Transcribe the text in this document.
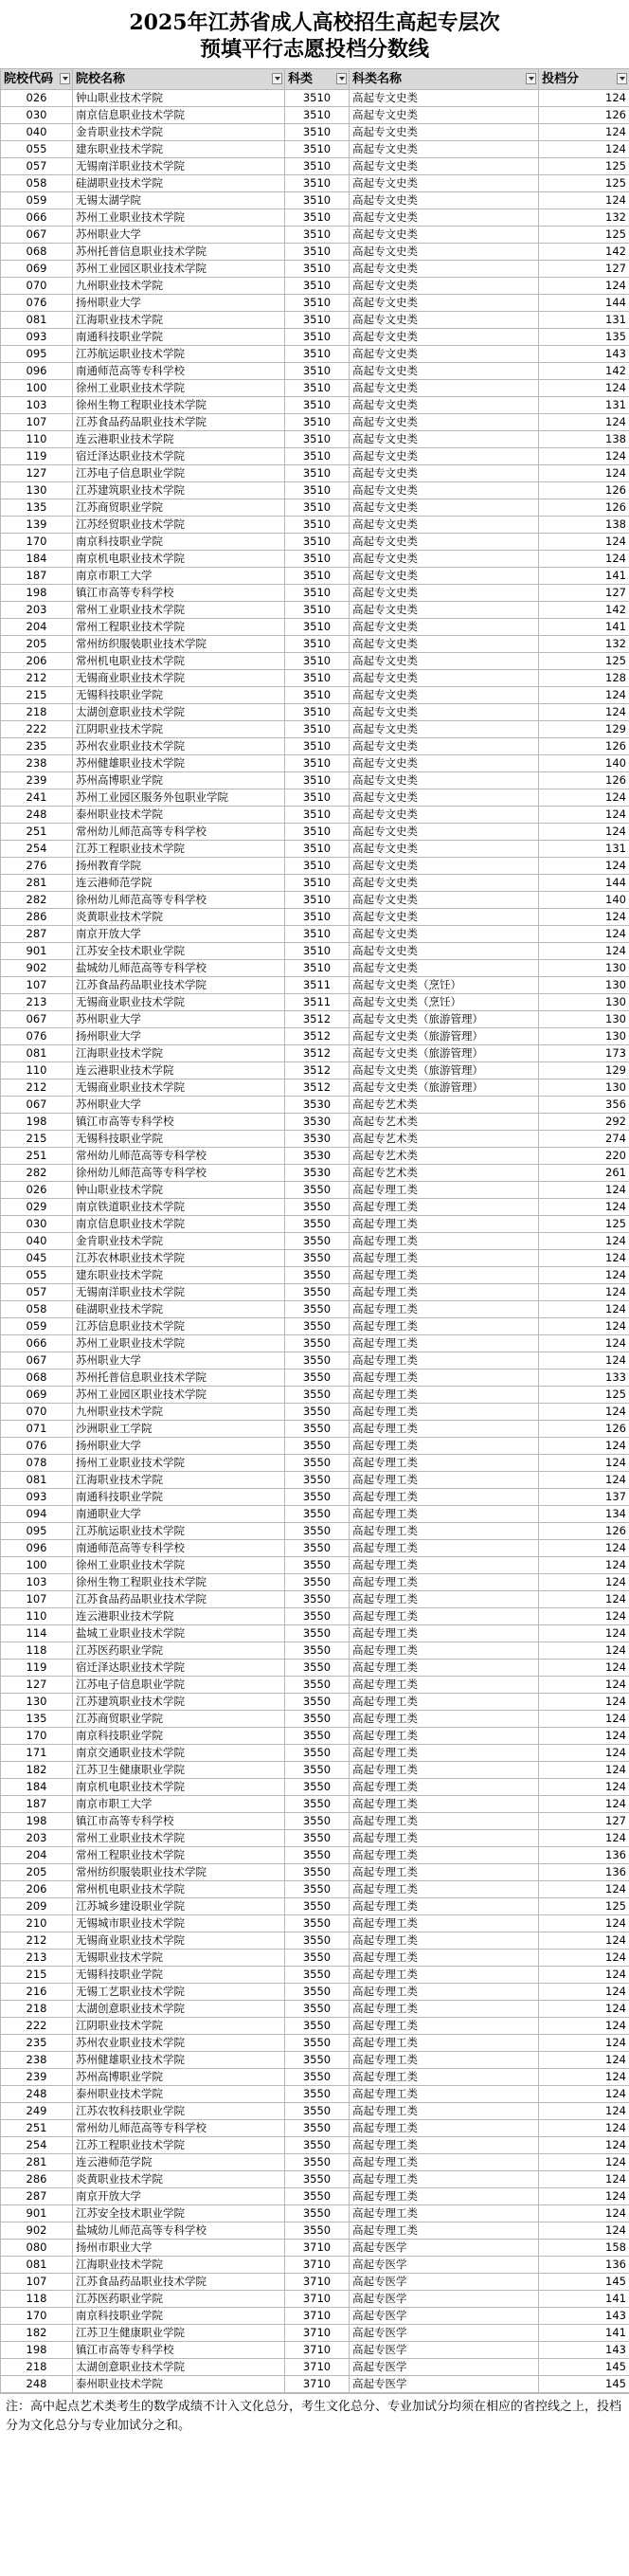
2025年江苏省成人高校招生高起专层次
预填平行志愿投档分数线
院校代码	院校名称	科类	科类名称	投档分

026	钟山职业技术学院	3510	高起专文史类	124
030	南京信息职业技术学院	3510	高起专文史类	126
040	金肯职业技术学院	3510	高起专文史类	124
055	建东职业技术学院	3510	高起专文史类	124
057	无锡南洋职业技术学院	3510	高起专文史类	125
058	硅湖职业技术学院	3510	高起专文史类	125
059	无锡太湖学院	3510	高起专文史类	124
066	苏州工业职业技术学院	3510	高起专文史类	132
067	苏州职业大学	3510	高起专文史类	125
068	苏州托普信息职业技术学院	3510	高起专文史类	142
069	苏州工业园区职业技术学院	3510	高起专文史类	127
070	九州职业技术学院	3510	高起专文史类	124
076	扬州职业大学	3510	高起专文史类	144
081	江海职业技术学院	3510	高起专文史类	131
093	南通科技职业学院	3510	高起专文史类	135
095	江苏航运职业技术学院	3510	高起专文史类	143
096	南通师范高等专科学校	3510	高起专文史类	142
100	徐州工业职业技术学院	3510	高起专文史类	124
103	徐州生物工程职业技术学院	3510	高起专文史类	131
107	江苏食品药品职业技术学院	3510	高起专文史类	124
110	连云港职业技术学院	3510	高起专文史类	138
119	宿迁泽达职业技术学院	3510	高起专文史类	124
127	江苏电子信息职业学院	3510	高起专文史类	124
130	江苏建筑职业技术学院	3510	高起专文史类	126
135	江苏商贸职业学院	3510	高起专文史类	126
139	江苏经贸职业技术学院	3510	高起专文史类	138
170	南京科技职业学院	3510	高起专文史类	124
184	南京机电职业技术学院	3510	高起专文史类	124
187	南京市职工大学	3510	高起专文史类	141
198	镇江市高等专科学校	3510	高起专文史类	127
203	常州工业职业技术学院	3510	高起专文史类	142
204	常州工程职业技术学院	3510	高起专文史类	141
205	常州纺织服装职业技术学院	3510	高起专文史类	132
206	常州机电职业技术学院	3510	高起专文史类	125
212	无锡商业职业技术学院	3510	高起专文史类	128
215	无锡科技职业学院	3510	高起专文史类	124
218	太湖创意职业技术学院	3510	高起专文史类	124
222	江阴职业技术学院	3510	高起专文史类	129
235	苏州农业职业技术学院	3510	高起专文史类	126
238	苏州健雄职业技术学院	3510	高起专文史类	140
239	苏州高博职业学院	3510	高起专文史类	126
241	苏州工业园区服务外包职业学院	3510	高起专文史类	124
248	泰州职业技术学院	3510	高起专文史类	124
251	常州幼儿师范高等专科学校	3510	高起专文史类	124
254	江苏工程职业技术学院	3510	高起专文史类	131
276	扬州教育学院	3510	高起专文史类	124
281	连云港师范学院	3510	高起专文史类	144
282	徐州幼儿师范高等专科学校	3510	高起专文史类	140
286	炎黄职业技术学院	3510	高起专文史类	124
287	南京开放大学	3510	高起专文史类	124
901	江苏安全技术职业学院	3510	高起专文史类	124
902	盐城幼儿师范高等专科学校	3510	高起专文史类	130
107	江苏食品药品职业技术学院	3511	高起专文史类（烹饪）	130
213	无锡商业职业技术学院	3511	高起专文史类（烹饪）	130
067	苏州职业大学	3512	高起专文史类（旅游管理）	130
076	扬州职业大学	3512	高起专文史类（旅游管理）	130
081	江海职业技术学院	3512	高起专文史类（旅游管理）	173
110	连云港职业技术学院	3512	高起专文史类（旅游管理）	129
212	无锡商业职业技术学院	3512	高起专文史类（旅游管理）	130
067	苏州职业大学	3530	高起专艺术类	356
198	镇江市高等专科学校	3530	高起专艺术类	292
215	无锡科技职业学院	3530	高起专艺术类	274
251	常州幼儿师范高等专科学校	3530	高起专艺术类	220
282	徐州幼儿师范高等专科学校	3530	高起专艺术类	261
026	钟山职业技术学院	3550	高起专理工类	124
029	南京铁道职业技术学院	3550	高起专理工类	124
030	南京信息职业技术学院	3550	高起专理工类	125
040	金肯职业技术学院	3550	高起专理工类	124
045	江苏农林职业技术学院	3550	高起专理工类	124
055	建东职业技术学院	3550	高起专理工类	124
057	无锡南洋职业技术学院	3550	高起专理工类	124
058	硅湖职业技术学院	3550	高起专理工类	124
059	江苏信息职业技术学院	3550	高起专理工类	124
066	苏州工业职业技术学院	3550	高起专理工类	124
067	苏州职业大学	3550	高起专理工类	124
068	苏州托普信息职业技术学院	3550	高起专理工类	133
069	苏州工业园区职业技术学院	3550	高起专理工类	125
070	九州职业技术学院	3550	高起专理工类	124
071	沙洲职业工学院	3550	高起专理工类	126
076	扬州职业大学	3550	高起专理工类	124
078	扬州工业职业技术学院	3550	高起专理工类	124
081	江海职业技术学院	3550	高起专理工类	124
093	南通科技职业学院	3550	高起专理工类	137
094	南通职业大学	3550	高起专理工类	134
095	江苏航运职业技术学院	3550	高起专理工类	126
096	南通师范高等专科学校	3550	高起专理工类	124
100	徐州工业职业技术学院	3550	高起专理工类	124
103	徐州生物工程职业技术学院	3550	高起专理工类	124
107	江苏食品药品职业技术学院	3550	高起专理工类	124
110	连云港职业技术学院	3550	高起专理工类	124
114	盐城工业职业技术学院	3550	高起专理工类	124
118	江苏医药职业学院	3550	高起专理工类	124
119	宿迁泽达职业技术学院	3550	高起专理工类	124
127	江苏电子信息职业学院	3550	高起专理工类	124
130	江苏建筑职业技术学院	3550	高起专理工类	124
135	江苏商贸职业学院	3550	高起专理工类	124
170	南京科技职业学院	3550	高起专理工类	124
171	南京交通职业技术学院	3550	高起专理工类	124
182	江苏卫生健康职业学院	3550	高起专理工类	124
184	南京机电职业技术学院	3550	高起专理工类	124
187	南京市职工大学	3550	高起专理工类	124
198	镇江市高等专科学校	3550	高起专理工类	127
203	常州工业职业技术学院	3550	高起专理工类	124
204	常州工程职业技术学院	3550	高起专理工类	136
205	常州纺织服装职业技术学院	3550	高起专理工类	136
206	常州机电职业技术学院	3550	高起专理工类	124
209	江苏城乡建设职业学院	3550	高起专理工类	125
210	无锡城市职业技术学院	3550	高起专理工类	124
212	无锡商业职业技术学院	3550	高起专理工类	124
213	无锡职业技术学院	3550	高起专理工类	124
215	无锡科技职业学院	3550	高起专理工类	124
216	无锡工艺职业技术学院	3550	高起专理工类	124
218	太湖创意职业技术学院	3550	高起专理工类	124
222	江阴职业技术学院	3550	高起专理工类	124
235	苏州农业职业技术学院	3550	高起专理工类	124
238	苏州健雄职业技术学院	3550	高起专理工类	124
239	苏州高博职业学院	3550	高起专理工类	124
248	泰州职业技术学院	3550	高起专理工类	124
249	江苏农牧科技职业学院	3550	高起专理工类	124
251	常州幼儿师范高等专科学校	3550	高起专理工类	124
254	江苏工程职业技术学院	3550	高起专理工类	124
281	连云港师范学院	3550	高起专理工类	124
286	炎黄职业技术学院	3550	高起专理工类	124
287	南京开放大学	3550	高起专理工类	124
901	江苏安全技术职业学院	3550	高起专理工类	124
902	盐城幼儿师范高等专科学校	3550	高起专理工类	124
080	扬州市职业大学	3710	高起专医学	158
081	江海职业技术学院	3710	高起专医学	136
107	江苏食品药品职业技术学院	3710	高起专医学	145
118	江苏医药职业学院	3710	高起专医学	141
170	南京科技职业学院	3710	高起专医学	143
182	江苏卫生健康职业学院	3710	高起专医学	141
198	镇江市高等专科学校	3710	高起专医学	143
218	太湖创意职业技术学院	3710	高起专医学	145
248	泰州职业技术学院	3710	高起专医学	145
注：高中起点艺术类考生的数学成绩不计入文化总分，考生文化总分、专业加试分均须在相应的省控线之上，投档分为文化总分与专业加试分之和。
